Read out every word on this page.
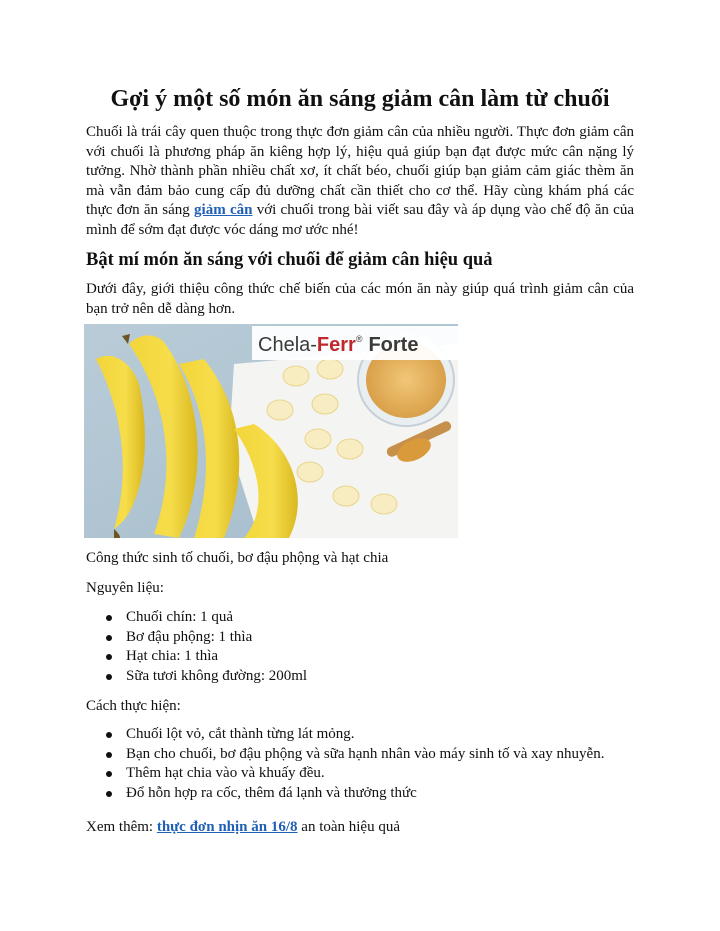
Gợi ý một số món ăn sáng giảm cân làm từ chuối

Chuối là trái cây quen thuộc trong thực đơn giảm cân của nhiều người. Thực đơn giảm cân với chuối là phương pháp ăn kiêng hợp lý, hiệu quả giúp bạn đạt được mức cân nặng lý tưởng. Nhờ thành phần nhiều chất xơ, ít chất béo, chuối giúp bạn giảm cảm giác thèm ăn mà vẫn đảm bảo cung cấp đủ dưỡng chất cần thiết cho cơ thể. Hãy cùng khám phá các thực đơn ăn sáng giảm cân với chuối trong bài viết sau đây và áp dụng vào chế độ ăn của mình để sớm đạt được vóc dáng mơ ước nhé!

Bật mí món ăn sáng với chuối để giảm cân hiệu quả

Dưới đây, giới thiệu công thức chế biến của các món ăn này giúp quá trình giảm cân của bạn trở nên dễ dàng hơn.

Chela-Ferr® Forte

Công thức sinh tố chuối, bơ đậu phộng và hạt chia

Nguyên liệu:

Chuối chín: 1 quả
Bơ đậu phộng: 1 thìa
Hạt chia: 1 thìa
Sữa tươi không đường: 200ml

Cách thực hiện:

Chuối lột vỏ, cắt thành từng lát mỏng.
Bạn cho chuối, bơ đậu phộng và sữa hạnh nhân vào máy sinh tố và xay nhuyễn.
Thêm hạt chia vào và khuấy đều.
Đổ hỗn hợp ra cốc, thêm đá lạnh và thưởng thức

Xem thêm: thực đơn nhịn ăn 16/8 an toàn hiệu quả
